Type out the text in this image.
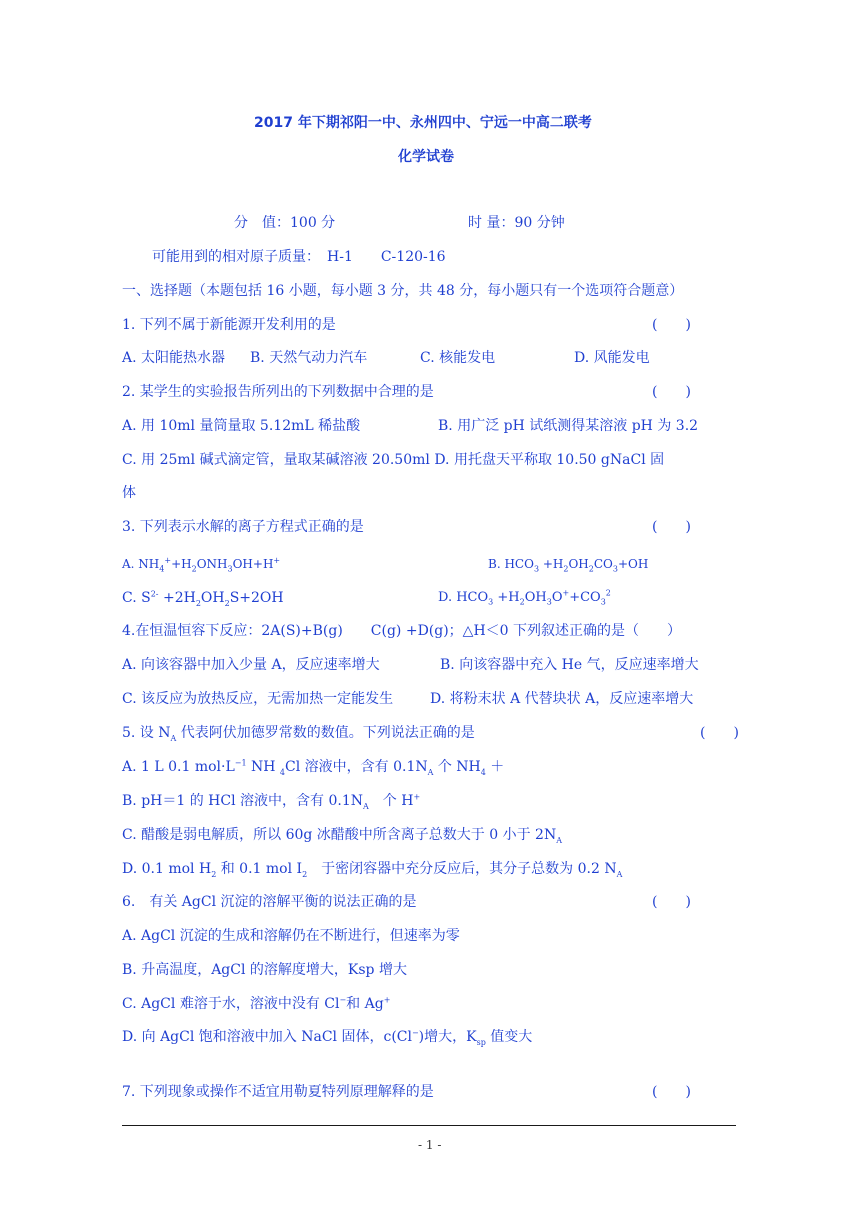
2017 年下期祁阳一中、永州四中、宁远一中高二联考
化学试卷
分　值：100 分	时 量：90 分钟
可能用到的相对原子质量：　H-1　　C-120-16
一、选择题（本题包括 16 小题，每小题 3 分，共 48 分，每小题只有一个选项符合题意）
1. 下列不属于新能源开发利用的是	(　　)
A. 太阳能热水器 B. 天然气动力汽车	C. 核能发电	D. 风能发电
2. 某学生的实验报告所列出的下列数据中合理的是	(　　)
A. 用 10ml 量筒量取 5.12mL 稀盐酸	B. 用广泛 pH 试纸测得某溶液 pH 为 3.2
C. 用 25ml 碱式滴定管，量取某碱溶液 20.50ml D. 用托盘天平称取 10.50 gNaCl 固
体
3. 下列表示水解的离子方程式正确的是	(　　)
A. $NH_4^++H_2ONH_3OH+H^+$	B. $HCO_3 +H_2OH_2CO_3+OH$
C. $S^{2-} +2H_2OH_2S+2OH$	D. $HCO_3 +H_2OH_3O^++CO_3^2$
4.在恒温恒容下反应：2A(S)+B(g)　　C(g) +D(g)；△H＜0 下列叙述正确的是（　　）
A. 向该容器中加入少量 A，反应速率增大	B. 向该容器中充入 He 气，反应速率增大
C. 该反应为放热反应，无需加热一定能发生	D. 将粉末状 A 代替块状 A，反应速率增大
5. 设 $N_A$ 代表阿伏加德罗常数的数值。下列说法正确的是	(　　)
A. 1 L 0.1 $mol\cdot L^{-1}$ NH $_4$Cl 溶液中，含有 $0.1N_A$ 个 $NH_4$ ＋
B. pH＝1 的 HCl 溶液中，含有 $0.1N_A$　个 H+
C. 醋酸是弱电解质，所以 60g 冰醋酸中所含离子总数大于 0 小于 $2N_A$
D. 0.1 mol $H_2$ 和 0.1 mol $I_2$　于密闭容器中充分反应后，其分子总数为 0.2 $N_A$
6.　有关 AgCl 沉淀的溶解平衡的说法正确的是	(　　)
A. AgCl 沉淀的生成和溶解仍在不断进行，但速率为零
B. 升高温度，AgCl 的溶解度增大，Ksp 增大
C. AgCl 难溶于水，溶液中没有 Cl−和 Ag+
D. 向 AgCl 饱和溶液中加入 NaCl 固体，c(Cl−)增大，$K_{sp}$ 值变大
7. 下列现象或操作不适宜用勒夏特列原理解释的是	(　　)
- 1 -
